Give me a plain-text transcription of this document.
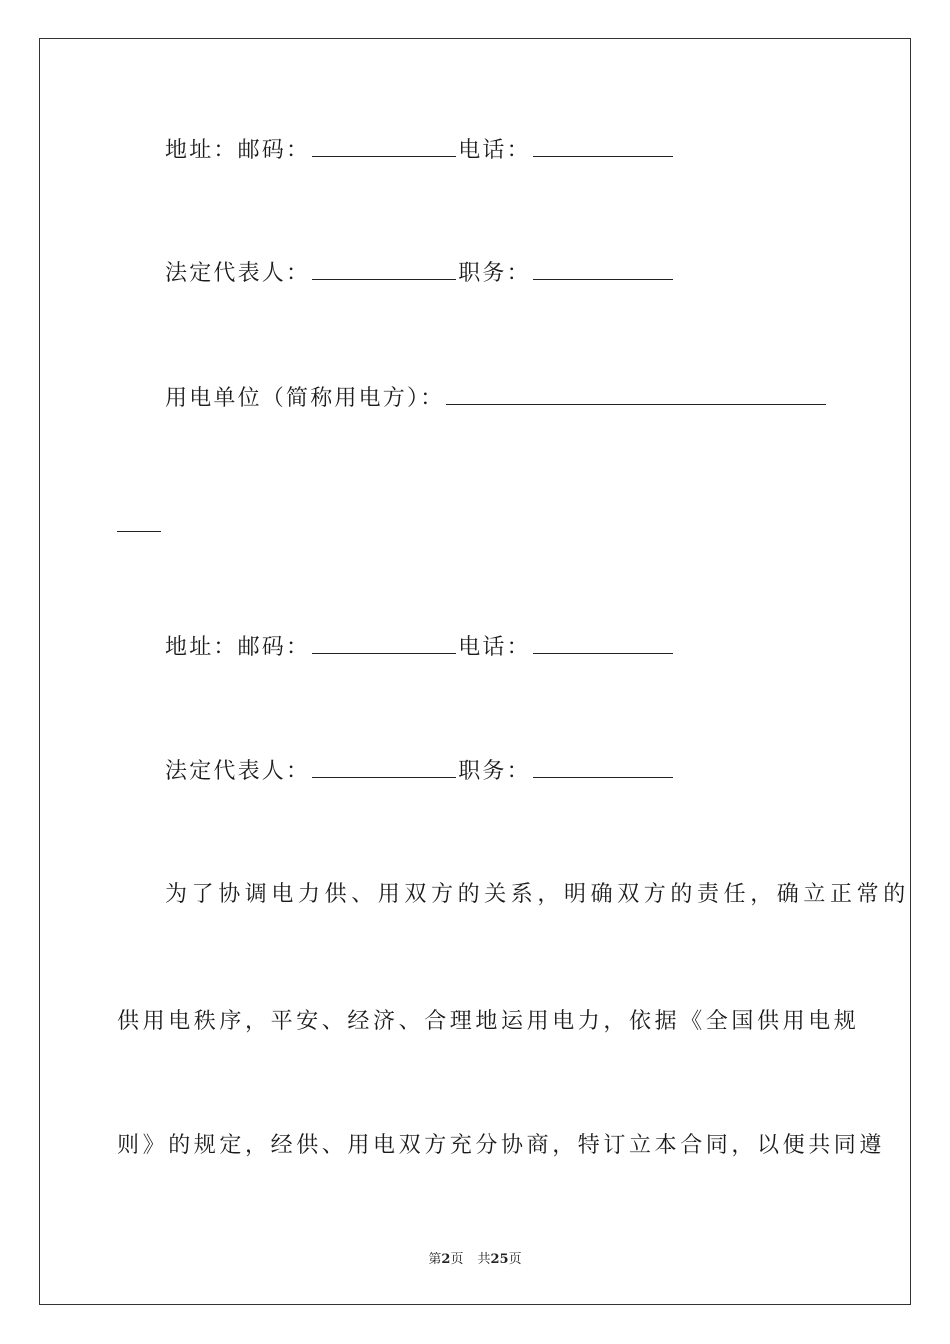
地址：邮码：	电话：
法定代表人：	职务：
用电单位（简称用电方）：
地址：邮码：	电话：
法定代表人：	职务：
为了协调电力供、用双方的关系，明确双方的责任，确立正常的
供用电秩序，平安、经济、合理地运用电力，依据《全国供用电规
则》的规定，经供、用电双方充分协商，特订立本合同，以便共同遵
第2页 共25页
